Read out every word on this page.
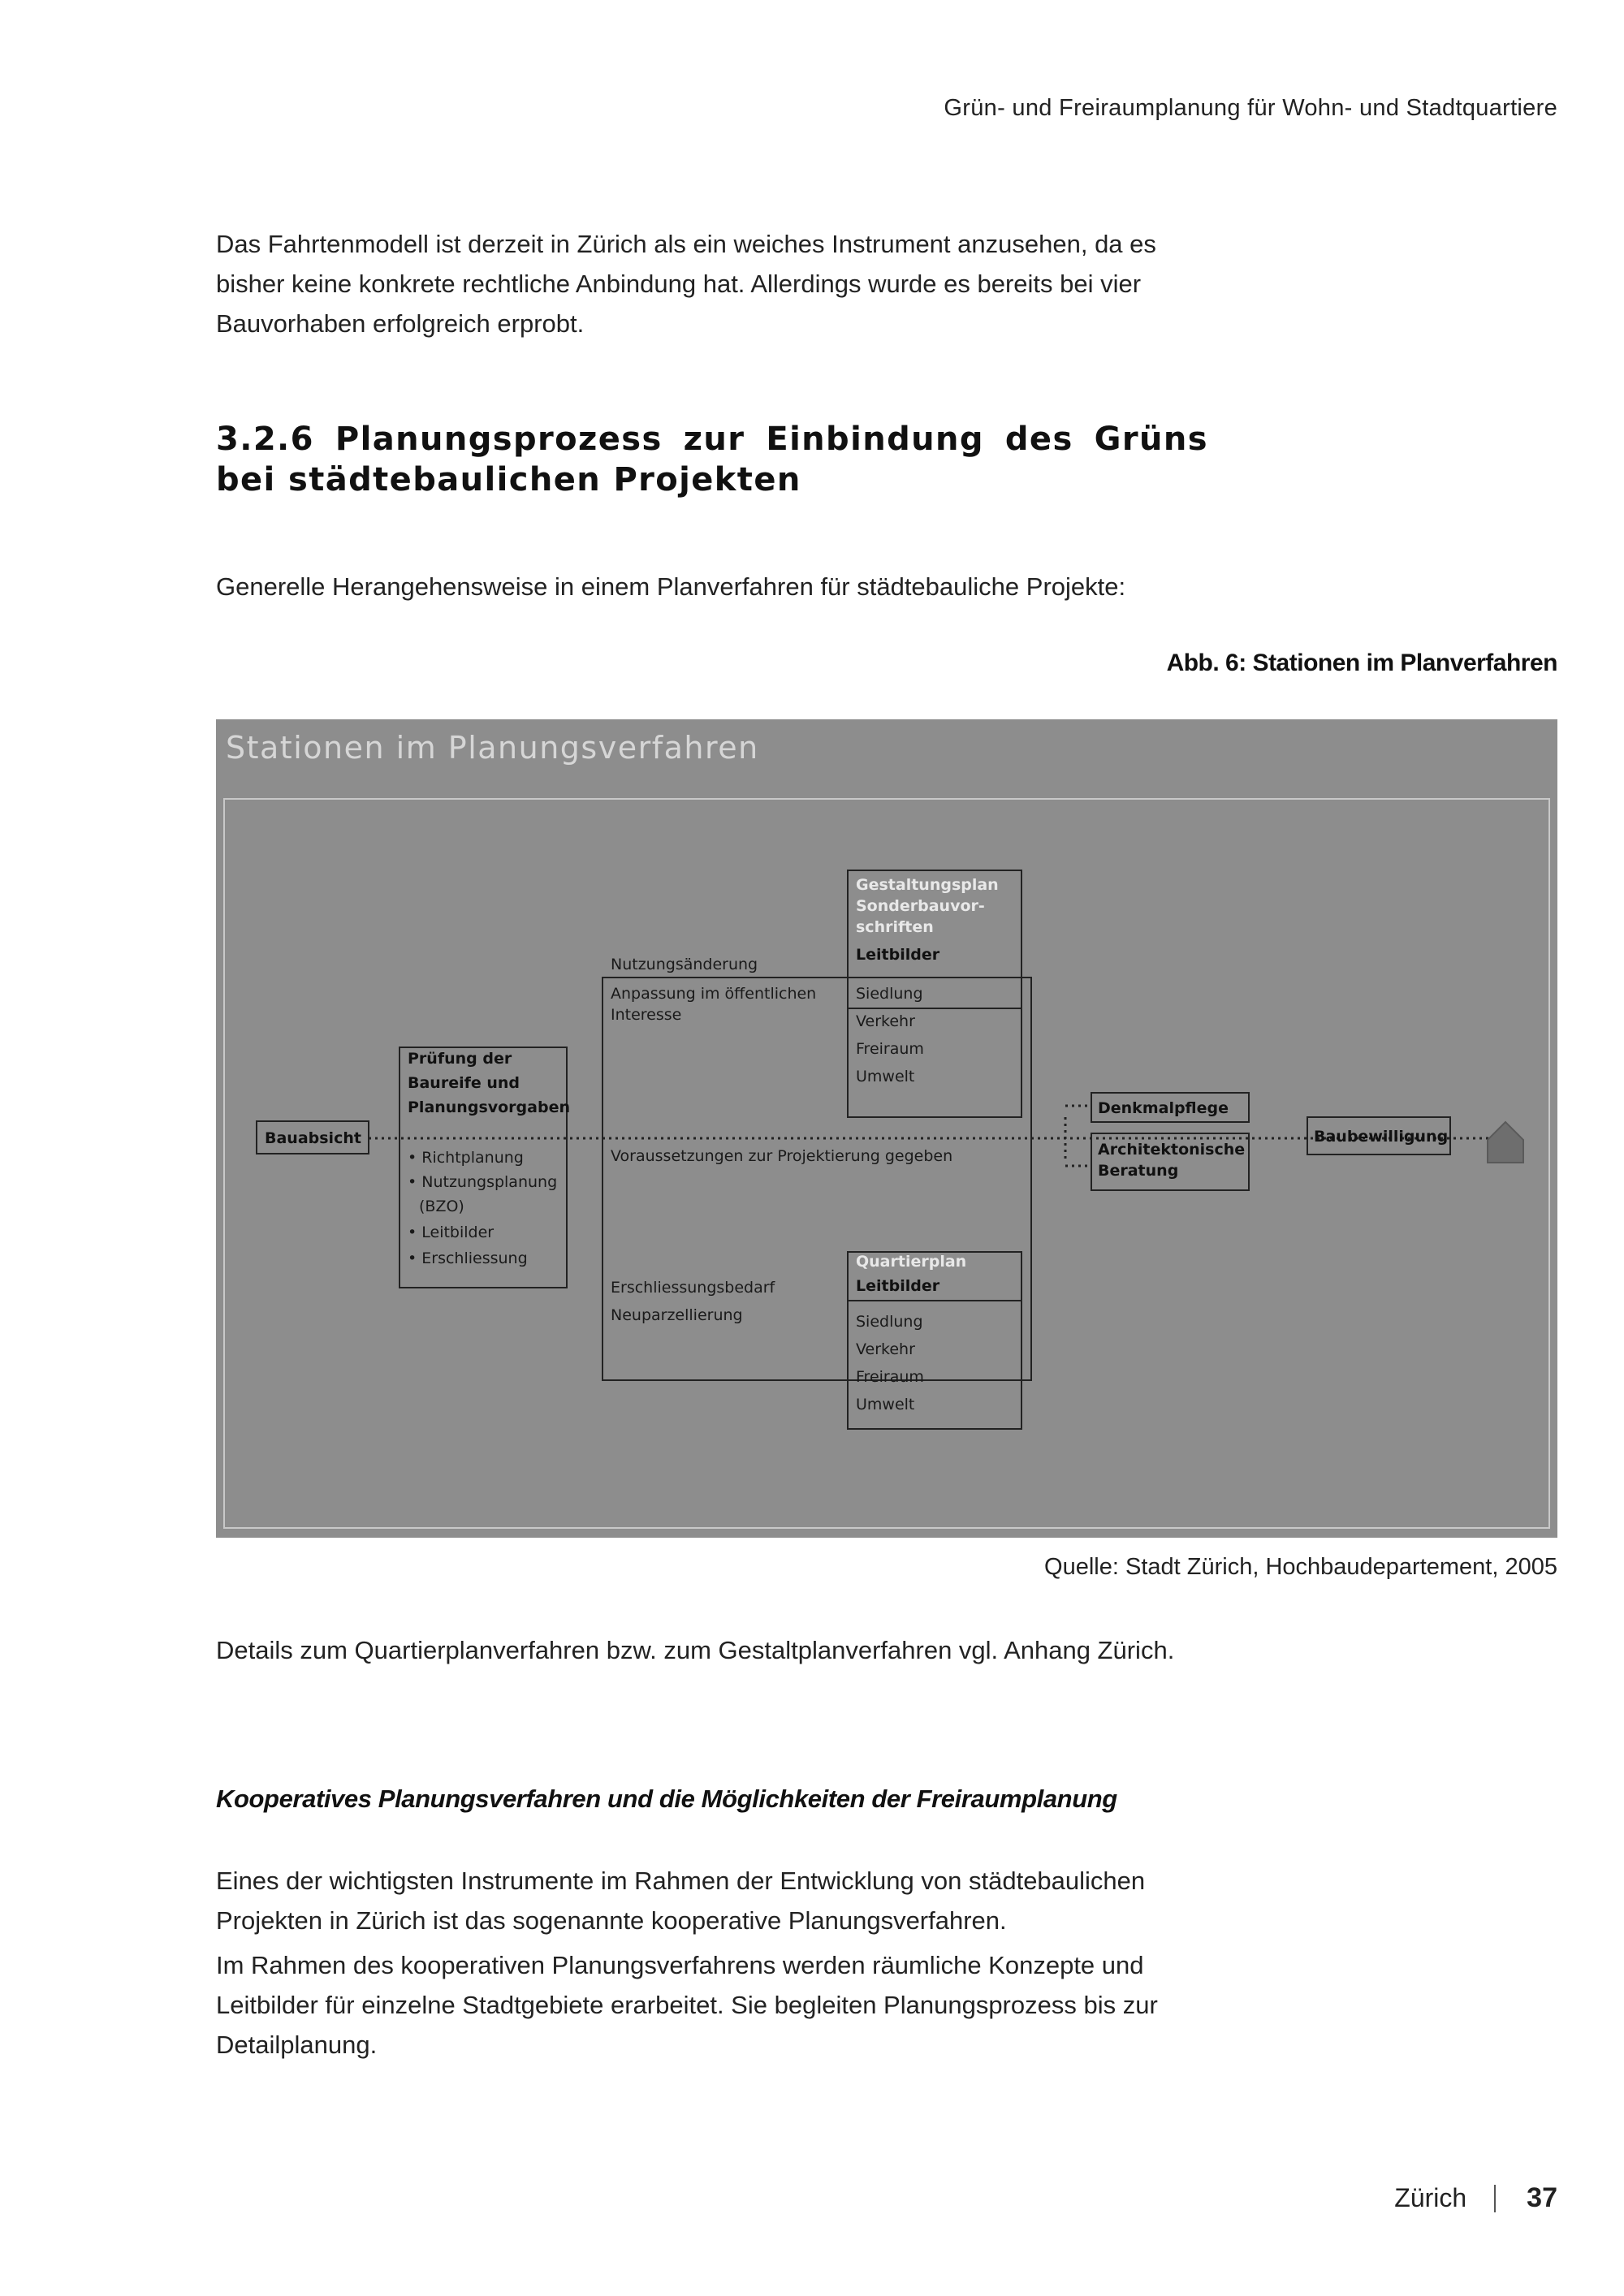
Grün- und Freiraumplanung für Wohn- und Stadtquartiere
Das Fahrtenmodell ist derzeit in Zürich als ein weiches Instrument anzusehen, da es bisher keine konkrete rechtliche Anbindung hat. Allerdings wurde es bereits bei vier Bauvorhaben erfolgreich erprobt.
3.2.6 Planungsprozess zur Einbindung des Grüns bei städtebaulichen Projekten
Generelle Herangehensweise in einem Planverfahren für städtebauliche Projekte:
Abb. 6: Stationen im Planverfahren
Stationen im Planungsverfahren
Bauabsicht
Prüfung der
Baureife und
Planungsvorgaben
• Richtplanung
• Nutzungsplanung
(BZO)
• Leitbilder
• Erschliessung
Nutzungsänderung
Anpassung im öffentlichen
Interesse
Voraussetzungen zur Projektierung gegeben
Erschliessungsbedarf
Neuparzellierung
Gestaltungsplan
Sonderbauvor-
schriften
Leitbilder
Siedlung
Verkehr
Freiraum
Umwelt
Quartierplan
Leitbilder
Siedlung
Verkehr
Freiraum
Umwelt
Denkmalpflege
Architektonische
Beratung
Baubewilligung
Quelle: Stadt Zürich, Hochbaudepartement, 2005
Details zum Quartierplanverfahren bzw. zum Gestaltplanverfahren vgl. Anhang Zürich.
Kooperatives Planungsverfahren und die Möglichkeiten der Freiraumplanung
Eines der wichtigsten Instrumente im Rahmen der Entwicklung von städtebaulichen Projekten in Zürich ist das sogenannte kooperative Planungsverfahren.
Im Rahmen des kooperativen Planungsverfahrens werden räumliche Konzepte und Leitbilder für einzelne Stadtgebiete erarbeitet. Sie begleiten Planungsprozess bis zur Detailplanung.
Zürich 37
